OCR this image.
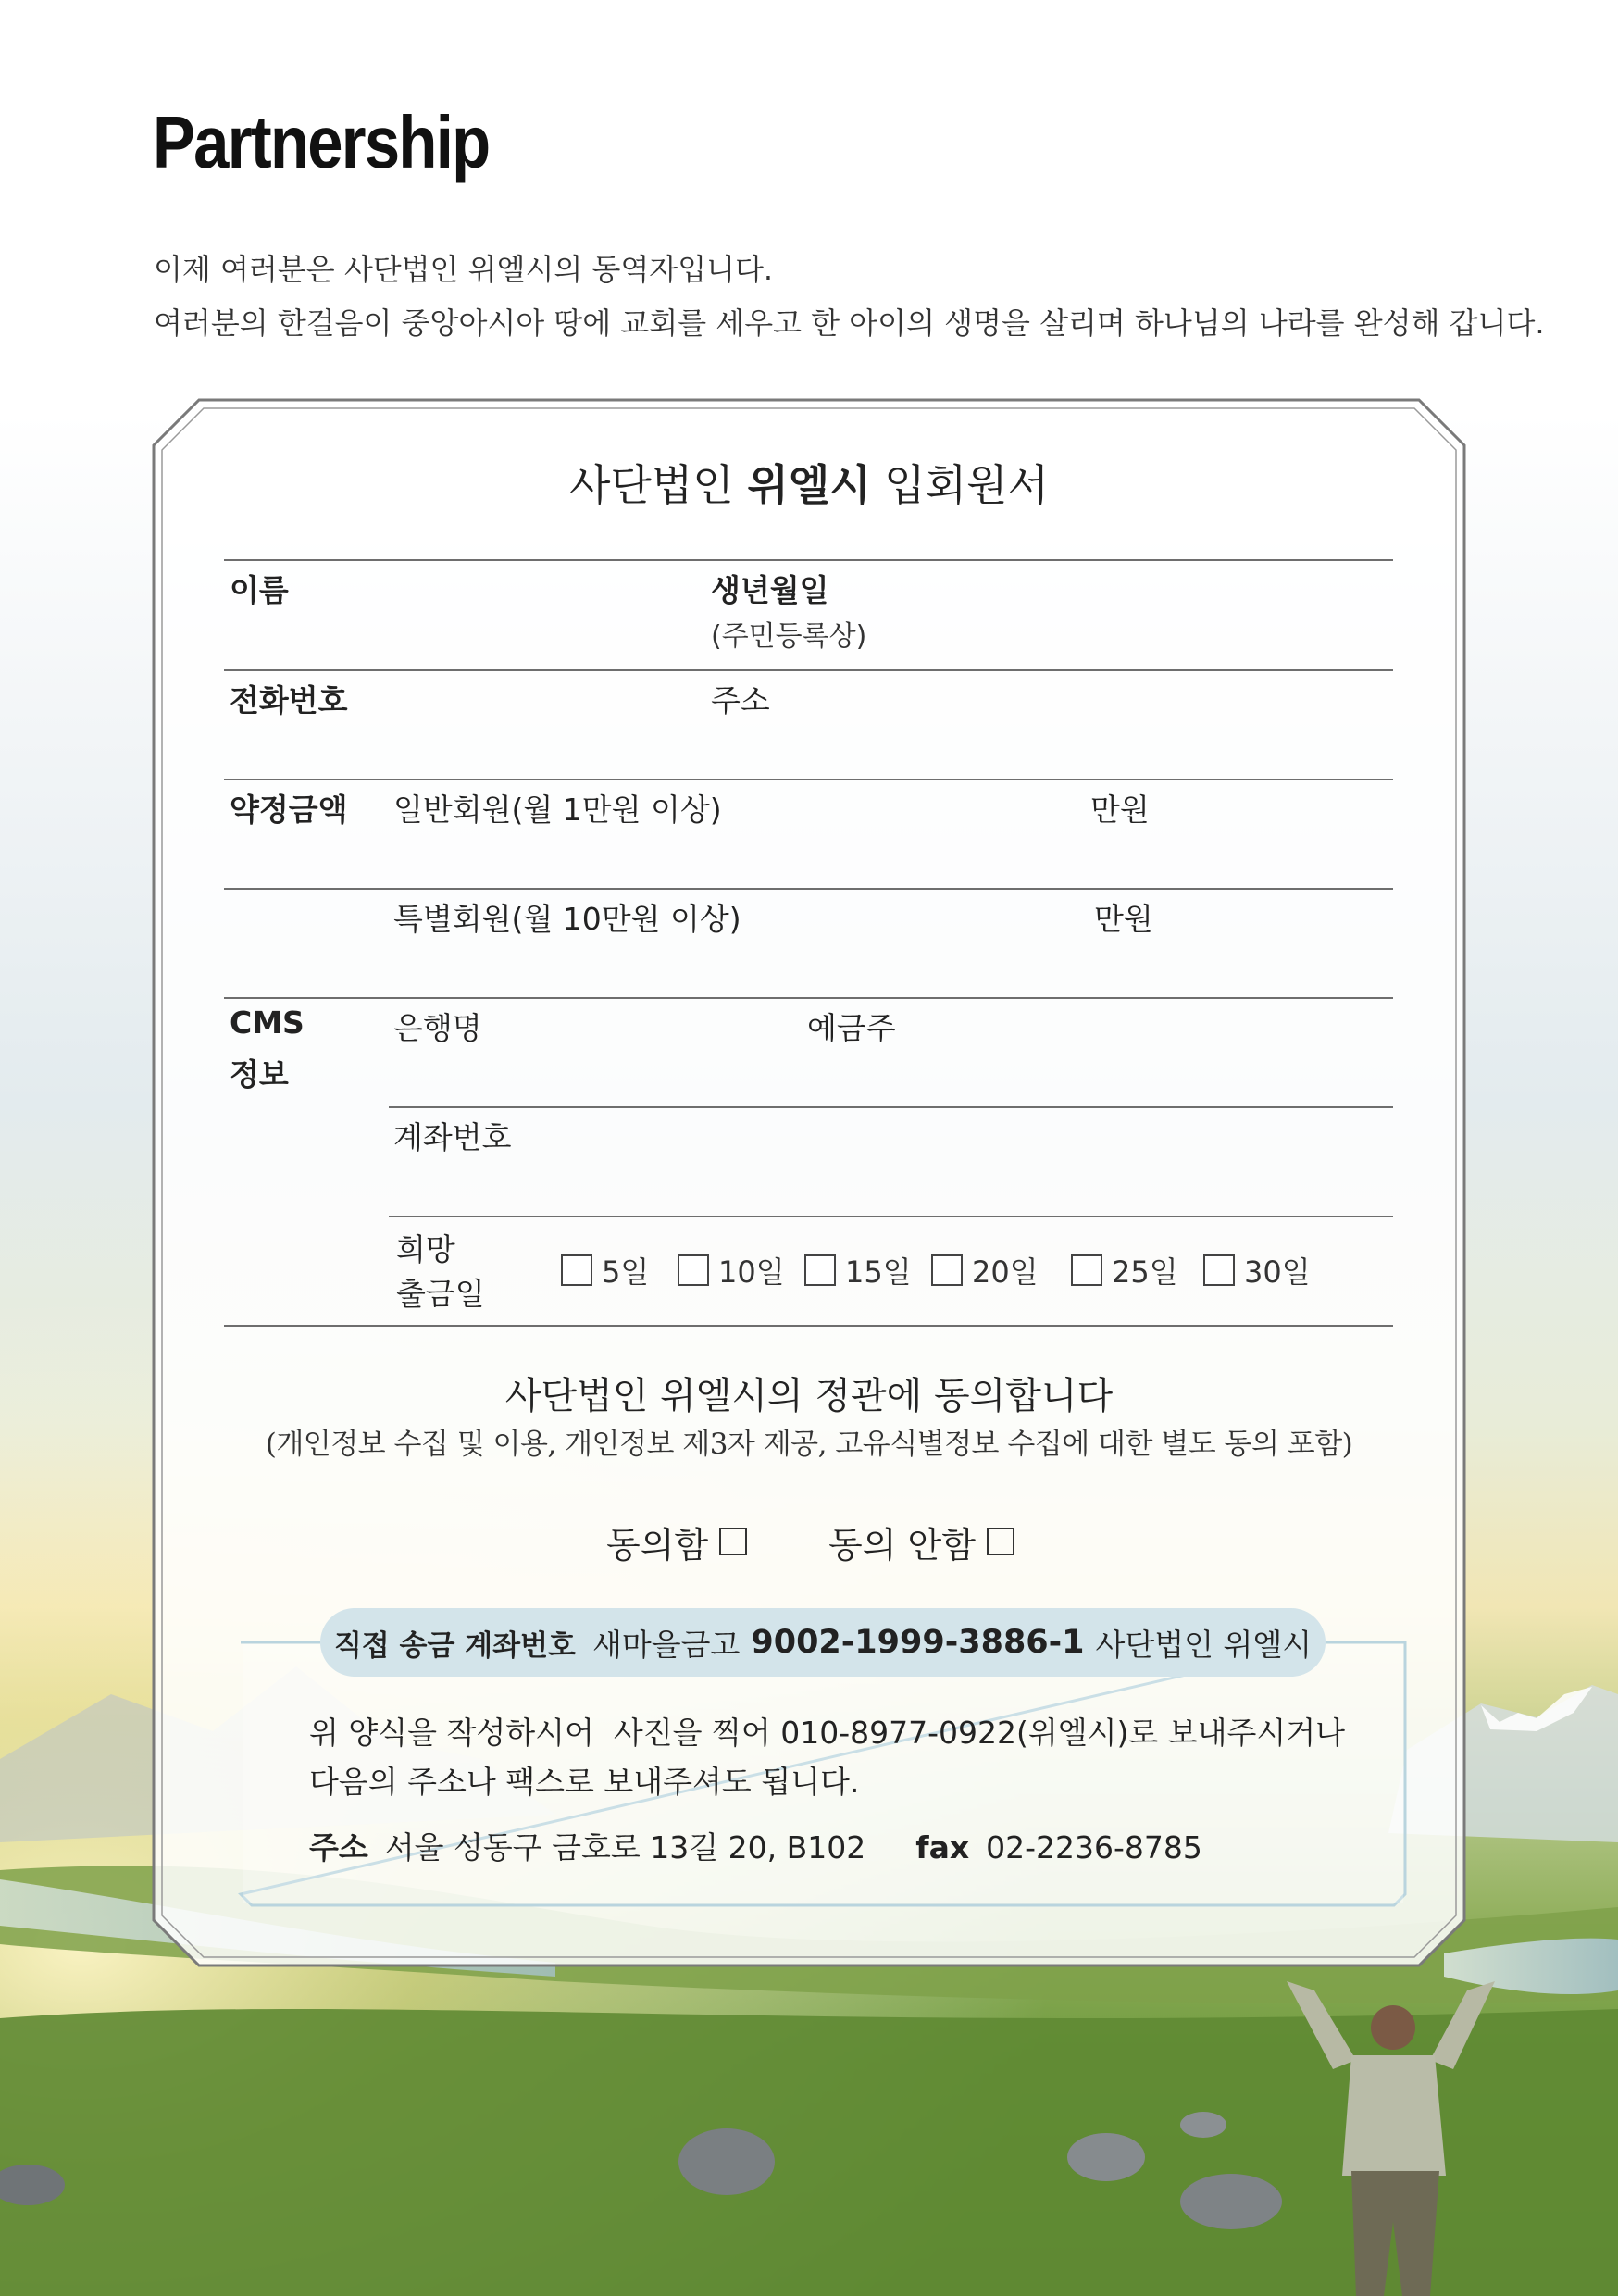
Partnership
이제 여러분은 사단법인 위엘시의 동역자입니다.
여러분의 한걸음이 중앙아시아 땅에 교회를 세우고 한 아이의 생명을 살리며 하나님의 나라를 완성해 갑니다.
사단법인 위엘시 입회원서
이름	생년월일
(주민등록상)
전화번호	주소
약정금액 일반회원(월 1만원 이상)	만원
특별회원(월 10만원 이상)	만원
CMS
정보
은행명	예금주
계좌번호
희망
출금일
5일 10일 15일 20일 25일 30일
사단법인 위엘시의 정관에 동의합니다
(개인정보 수집 및 이용, 개인정보 제3자 제공, 고유식별정보 수집에 대한 별도 동의 포함)
동의함	동의 안함
직접 송금 계좌번호 새마을금고 9002-1999-3886-1 사단법인 위엘시
위 양식을 작성하시어  사진을 찍어 010-8977-0922(위엘시)로 보내주시거나
다음의 주소나 팩스로 보내주셔도 됩니다.
주소 서울 성동구 금호로 13길 20, B102 fax 02-2236-8785
